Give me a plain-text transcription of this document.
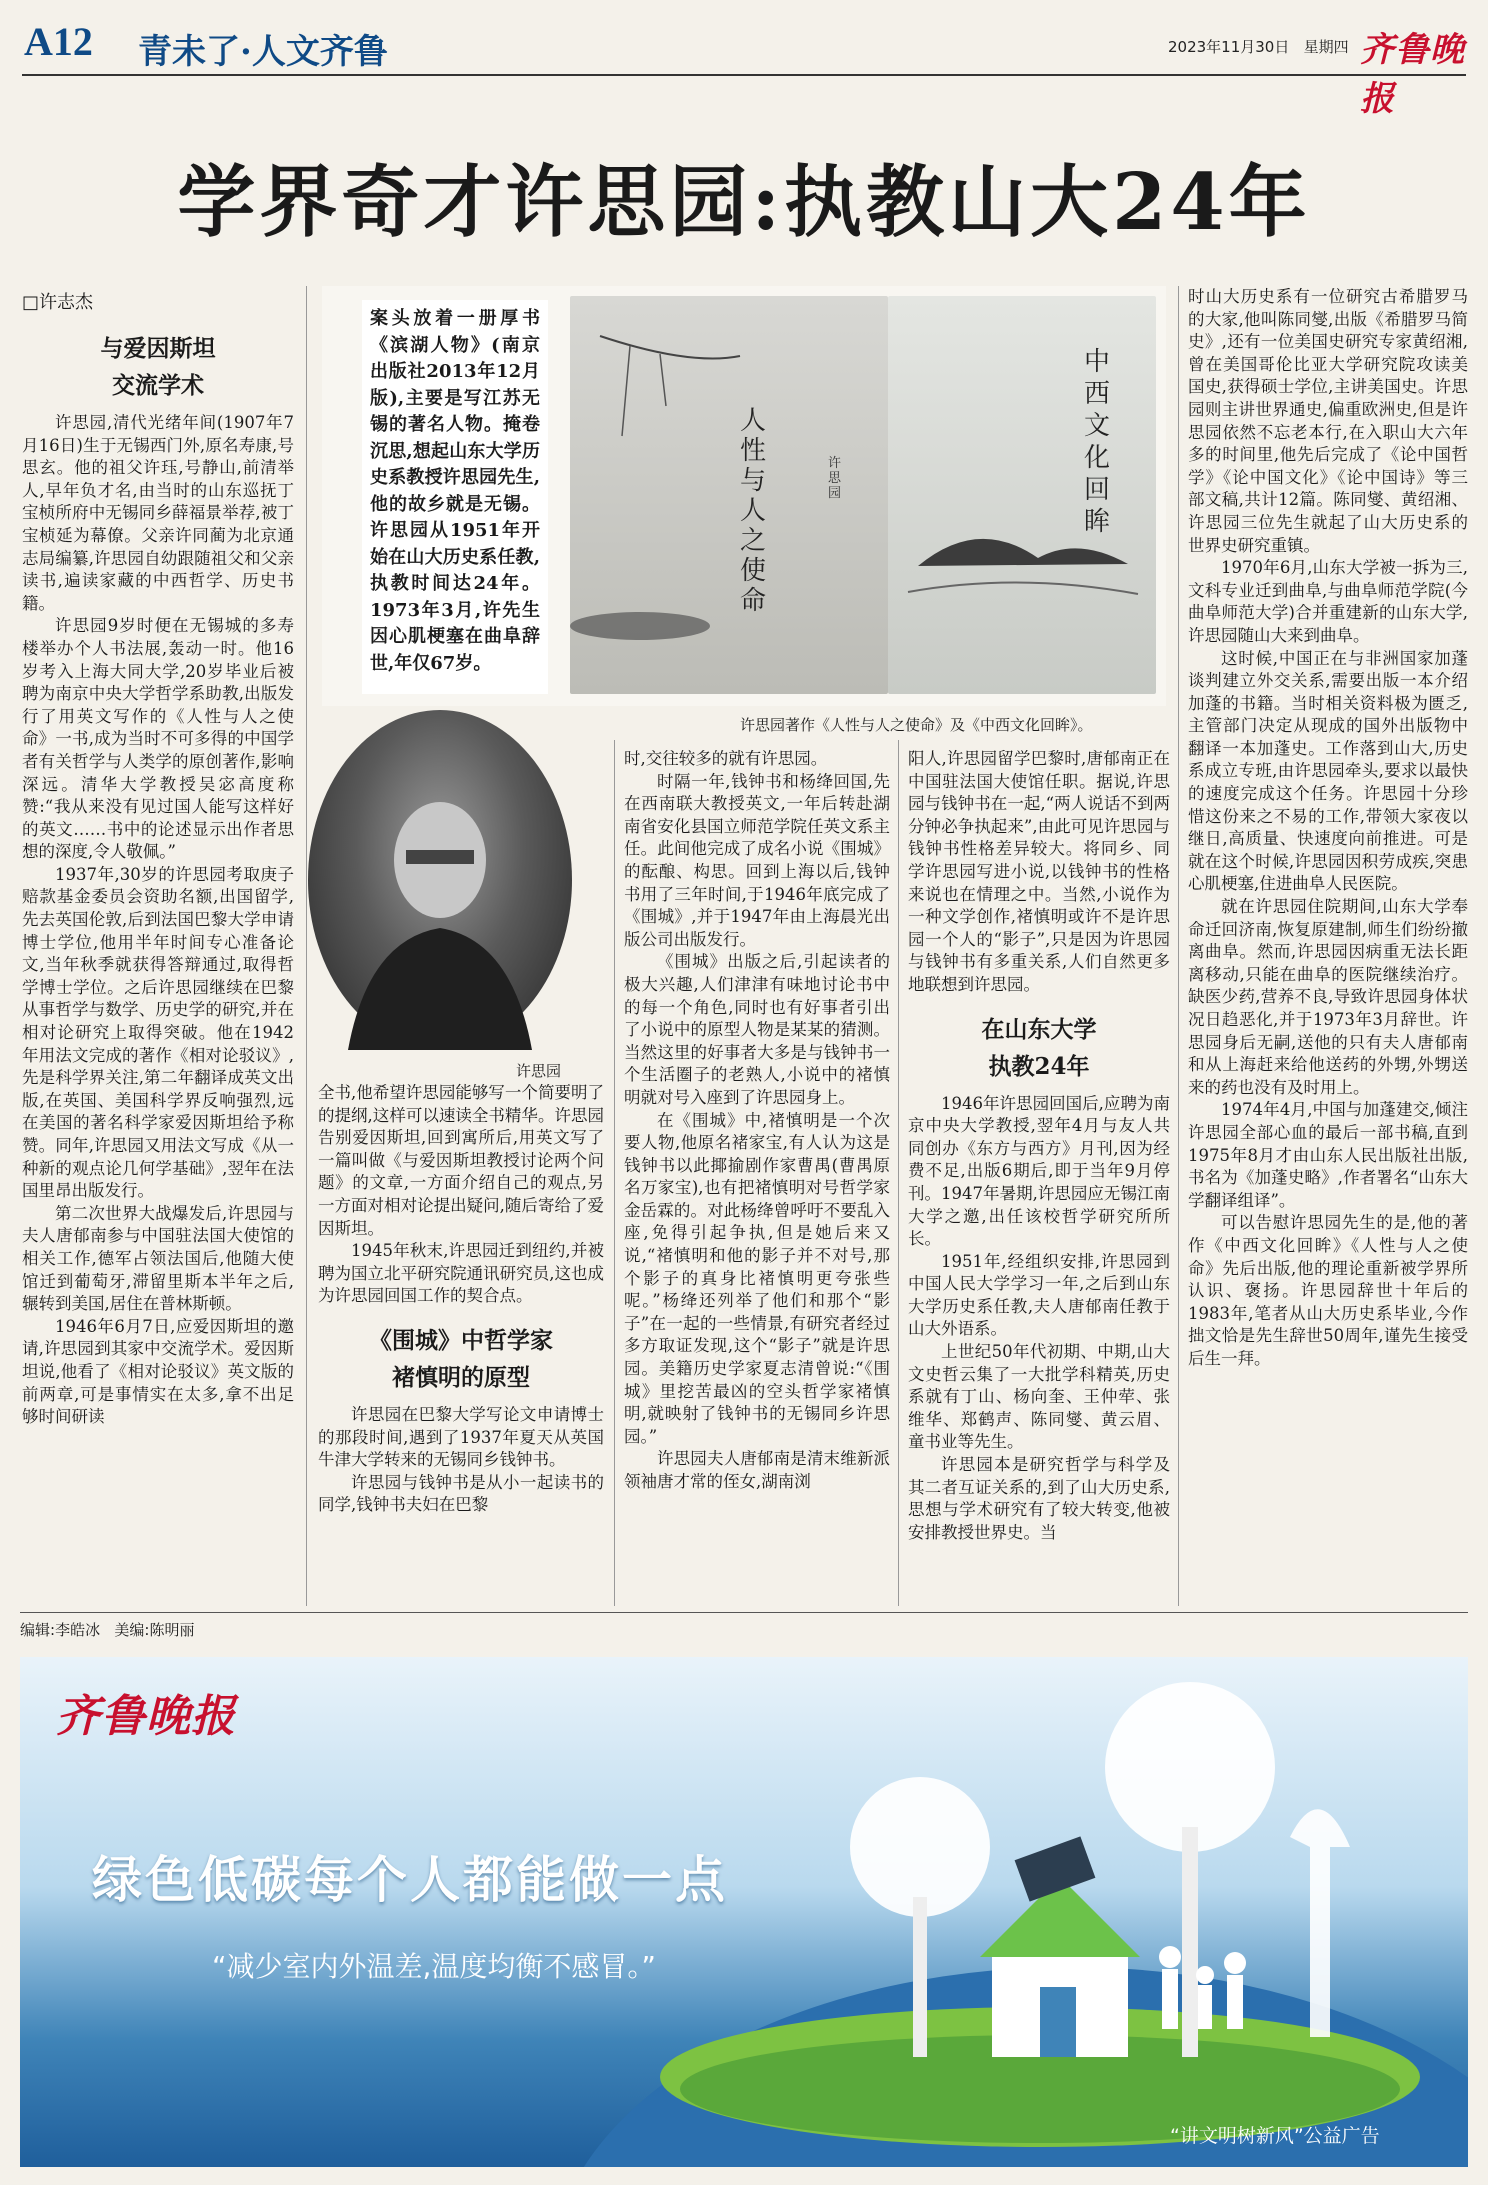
A12 青未了·人文齐鲁	2023年11月30日 星期四 齐鲁晚报
学界奇才许思园:执教山大24年
□许志杰
人性与人之使命
许思园
中西文化回眸
案头放着一册厚书《滨湖人物》(南京出版社2013年12月版),主要是写江苏无锡的著名人物。掩卷沉思,想起山东大学历史系教授许思园先生,他的故乡就是无锡。许思园从1951年开始在山大历史系任教,执教时间达24年。1973年3月,许先生因心肌梗塞在曲阜辞世,年仅67岁。
许思园著作《人性与人之使命》及《中西文化回眸》。
许思园
与爱因斯坦
交流学术

许思园,清代光绪年间(1907年7月16日)生于无锡西门外,原名寿康,号思玄。他的祖父许珏,号静山,前清举人,早年负才名,由当时的山东巡抚丁宝桢所府中无锡同乡薛福景举荐,被丁宝桢延为幕僚。父亲许同蔺为北京通志局编纂,许思园自幼跟随祖父和父亲读书,遍读家藏的中西哲学、历史书籍。

许思园9岁时便在无锡城的多寿楼举办个人书法展,轰动一时。他16岁考入上海大同大学,20岁毕业后被聘为南京中央大学哲学系助教,出版发行了用英文写作的《人性与人之使命》一书,成为当时不可多得的中国学者有关哲学与人类学的原创著作,影响深远。清华大学教授吴宓高度称赞:“我从来没有见过国人能写这样好的英文……书中的论述显示出作者思想的深度,令人敬佩。”

1937年,30岁的许思园考取庚子赔款基金委员会资助名额,出国留学,先去英国伦敦,后到法国巴黎大学申请博士学位,他用半年时间专心准备论文,当年秋季就获得答辩通过,取得哲学博士学位。之后许思园继续在巴黎从事哲学与数学、历史学的研究,并在相对论研究上取得突破。他在1942年用法文完成的著作《相对论驳议》,先是科学界关注,第二年翻译成英文出版,在英国、美国科学界反响强烈,远在美国的著名科学家爱因斯坦给予称赞。同年,许思园又用法文写成《从一种新的观点论几何学基础》,翌年在法国里昂出版发行。

第二次世界大战爆发后,许思园与夫人唐郁南参与中国驻法国大使馆的相关工作,德军占领法国后,他随大使馆迁到葡萄牙,滞留里斯本半年之后,辗转到美国,居住在普林斯顿。

1946年6月7日,应爱因斯坦的邀请,许思园到其家中交流学术。爱因斯坦说,他看了《相对论驳议》英文版的前两章,可是事情实在太多,拿不出足够时间研读

全书,他希望许思园能够写一个简要明了的提纲,这样可以速读全书精华。许思园告别爱因斯坦,回到寓所后,用英文写了一篇叫做《与爱因斯坦教授讨论两个问题》的文章,一方面介绍自己的观点,另一方面对相对论提出疑问,随后寄给了爱因斯坦。

1945年秋末,许思园迁到纽约,并被聘为国立北平研究院通讯研究员,这也成为许思园回国工作的契合点。

《围城》中哲学家
褚慎明的原型

许思园在巴黎大学写论文申请博士的那段时间,遇到了1937年夏天从英国牛津大学转来的无锡同乡钱钟书。

许思园与钱钟书是从小一起读书的同学,钱钟书夫妇在巴黎

时,交往较多的就有许思园。

时隔一年,钱钟书和杨绛回国,先在西南联大教授英文,一年后转赴湖南省安化县国立师范学院任英文系主任。此间他完成了成名小说《围城》的酝酿、构思。回到上海以后,钱钟书用了三年时间,于1946年底完成了《围城》,并于1947年由上海晨光出版公司出版发行。

《围城》出版之后,引起读者的极大兴趣,人们津津有味地讨论书中的每一个角色,同时也有好事者引出了小说中的原型人物是某某的猜测。当然这里的好事者大多是与钱钟书一个生活圈子的老熟人,小说中的褚慎明就对号入座到了许思园身上。

在《围城》中,褚慎明是一个次要人物,他原名褚家宝,有人认为这是钱钟书以此揶揄剧作家曹禺(曹禺原名万家宝),也有把褚慎明对号哲学家金岳霖的。对此杨绛曾呼吁不要乱入座,免得引起争执,但是她后来又说,“褚慎明和他的影子并不对号,那个影子的真身比褚慎明更夸张些呢。”杨绛还列举了他们和那个“影子”在一起的一些情景,有研究者经过多方取证发现,这个“影子”就是许思园。美籍历史学家夏志清曾说:“《围城》里挖苦最凶的空头哲学家褚慎明,就映射了钱钟书的无锡同乡许思园。”

许思园夫人唐郁南是清末维新派领袖唐才常的侄女,湖南浏

阳人,许思园留学巴黎时,唐郁南正在中国驻法国大使馆任职。据说,许思园与钱钟书在一起,“两人说话不到两分钟必争执起来”,由此可见许思园与钱钟书性格差异较大。将同乡、同学许思园写进小说,以钱钟书的性格来说也在情理之中。当然,小说作为一种文学创作,褚慎明或许不是许思园一个人的“影子”,只是因为许思园与钱钟书有多重关系,人们自然更多地联想到许思园。

在山东大学
执教24年

1946年许思园回国后,应聘为南京中央大学教授,翌年4月与友人共同创办《东方与西方》月刊,因为经费不足,出版6期后,即于当年9月停刊。1947年暑期,许思园应无锡江南大学之邀,出任该校哲学研究所所长。

1951年,经组织安排,许思园到中国人民大学学习一年,之后到山东大学历史系任教,夫人唐郁南任教于山大外语系。

上世纪50年代初期、中期,山大文史哲云集了一大批学科精英,历史系就有丁山、杨向奎、王仲荦、张维华、郑鹤声、陈同燮、黄云眉、童书业等先生。

许思园本是研究哲学与科学及其二者互证关系的,到了山大历史系,思想与学术研究有了较大转变,他被安排教授世界史。当

时山大历史系有一位研究古希腊罗马的大家,他叫陈同燮,出版《希腊罗马简史》,还有一位美国史研究专家黄绍湘,曾在美国哥伦比亚大学研究院攻读美国史,获得硕士学位,主讲美国史。许思园则主讲世界通史,偏重欧洲史,但是许思园依然不忘老本行,在入职山大六年多的时间里,他先后完成了《论中国哲学》《论中国文化》《论中国诗》等三部文稿,共计12篇。陈同燮、黄绍湘、许思园三位先生就起了山大历史系的世界史研究重镇。

1970年6月,山东大学被一拆为三,文科专业迁到曲阜,与曲阜师范学院(今曲阜师范大学)合并重建新的山东大学,许思园随山大来到曲阜。

这时候,中国正在与非洲国家加蓬谈判建立外交关系,需要出版一本介绍加蓬的书籍。当时相关资料极为匮乏,主管部门决定从现成的国外出版物中翻译一本加蓬史。工作落到山大,历史系成立专班,由许思园牵头,要求以最快的速度完成这个任务。许思园十分珍惜这份来之不易的工作,带领大家夜以继日,高质量、快速度向前推进。可是就在这个时候,许思园因积劳成疾,突患心肌梗塞,住进曲阜人民医院。

就在许思园住院期间,山东大学奉命迁回济南,恢复原建制,师生们纷纷撤离曲阜。然而,许思园因病重无法长距离移动,只能在曲阜的医院继续治疗。缺医少药,营养不良,导致许思园身体状况日趋恶化,并于1973年3月辞世。许思园身后无嗣,送他的只有夫人唐郁南和从上海赶来给他送药的外甥,外甥送来的药也没有及时用上。

1974年4月,中国与加蓬建交,倾注许思园全部心血的最后一部书稿,直到1975年8月才由山东人民出版社出版,书名为《加蓬史略》,作者署名“山东大学翻译组译”。

可以告慰许思园先生的是,他的著作《中西文化回眸》《人性与人之使命》先后出版,他的理论重新被学界所认识、褒扬。许思园辞世十年后的1983年,笔者从山大历史系毕业,今作拙文恰是先生辞世50周年,谨先生接受后生一拜。

编辑:李皓冰 美编:陈明丽
齐鲁晚报
绿色低碳每个人都能做一点
“减少室内外温差,温度均衡不感冒。”
“讲文明树新风”公益广告
